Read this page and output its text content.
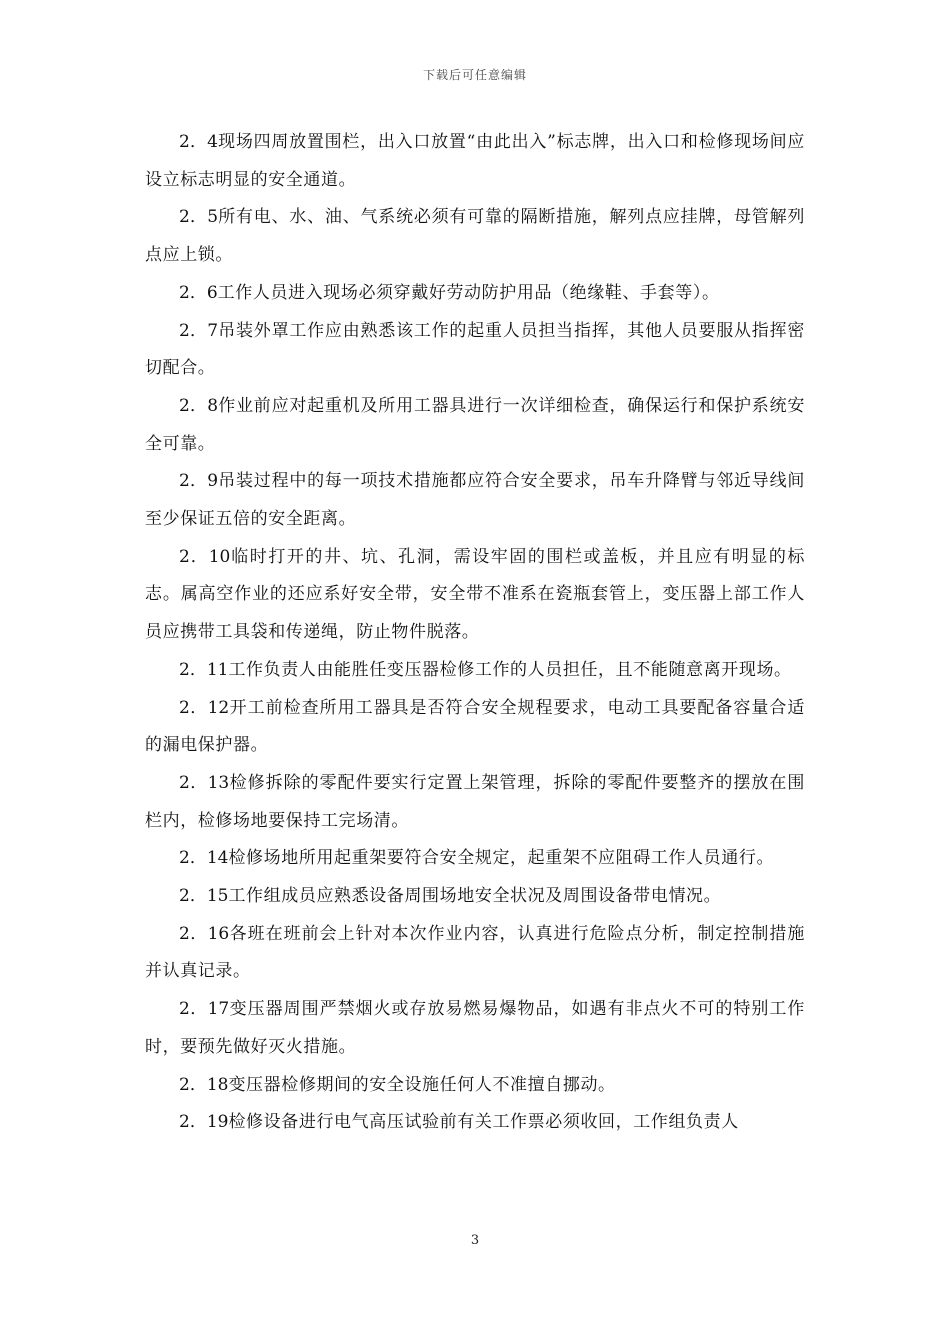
下载后可任意编辑

2．4现场四周放置围栏，出入口放置“由此出入”标志牌，出入口和检修现场间应设立标志明显的安全通道。

2．5所有电、水、油、气系统必须有可靠的隔断措施，解列点应挂牌，母管解列点应上锁。

2．6工作人员进入现场必须穿戴好劳动防护用品（绝缘鞋、手套等）。

2．7吊装外罩工作应由熟悉该工作的起重人员担当指挥，其他人员要服从指挥密切配合。

2．8作业前应对起重机及所用工器具进行一次详细检查，确保运行和保护系统安全可靠。

2．9吊装过程中的每一项技术措施都应符合安全要求，吊车升降臂与邻近导线间至少保证五倍的安全距离。

2．10临时打开的井、坑、孔洞，需设牢固的围栏或盖板，并且应有明显的标志。属高空作业的还应系好安全带，安全带不准系在瓷瓶套管上，变压器上部工作人员应携带工具袋和传递绳，防止物件脱落。

2．11工作负责人由能胜任变压器检修工作的人员担任，且不能随意离开现场。

2．12开工前检查所用工器具是否符合安全规程要求，电动工具要配备容量合适的漏电保护器。

2．13检修拆除的零配件要实行定置上架管理，拆除的零配件要整齐的摆放在围栏内，检修场地要保持工完场清。

2．14检修场地所用起重架要符合安全规定，起重架不应阻碍工作人员通行。

2．15工作组成员应熟悉设备周围场地安全状况及周围设备带电情况。

2．16各班在班前会上针对本次作业内容，认真进行危险点分析，制定控制措施并认真记录。

2．17变压器周围严禁烟火或存放易燃易爆物品，如遇有非点火不可的特别工作时，要预先做好灭火措施。

2．18变压器检修期间的安全设施任何人不准擅自挪动。

2．19检修设备进行电气高压试验前有关工作票必须收回，工作组负责人

3
